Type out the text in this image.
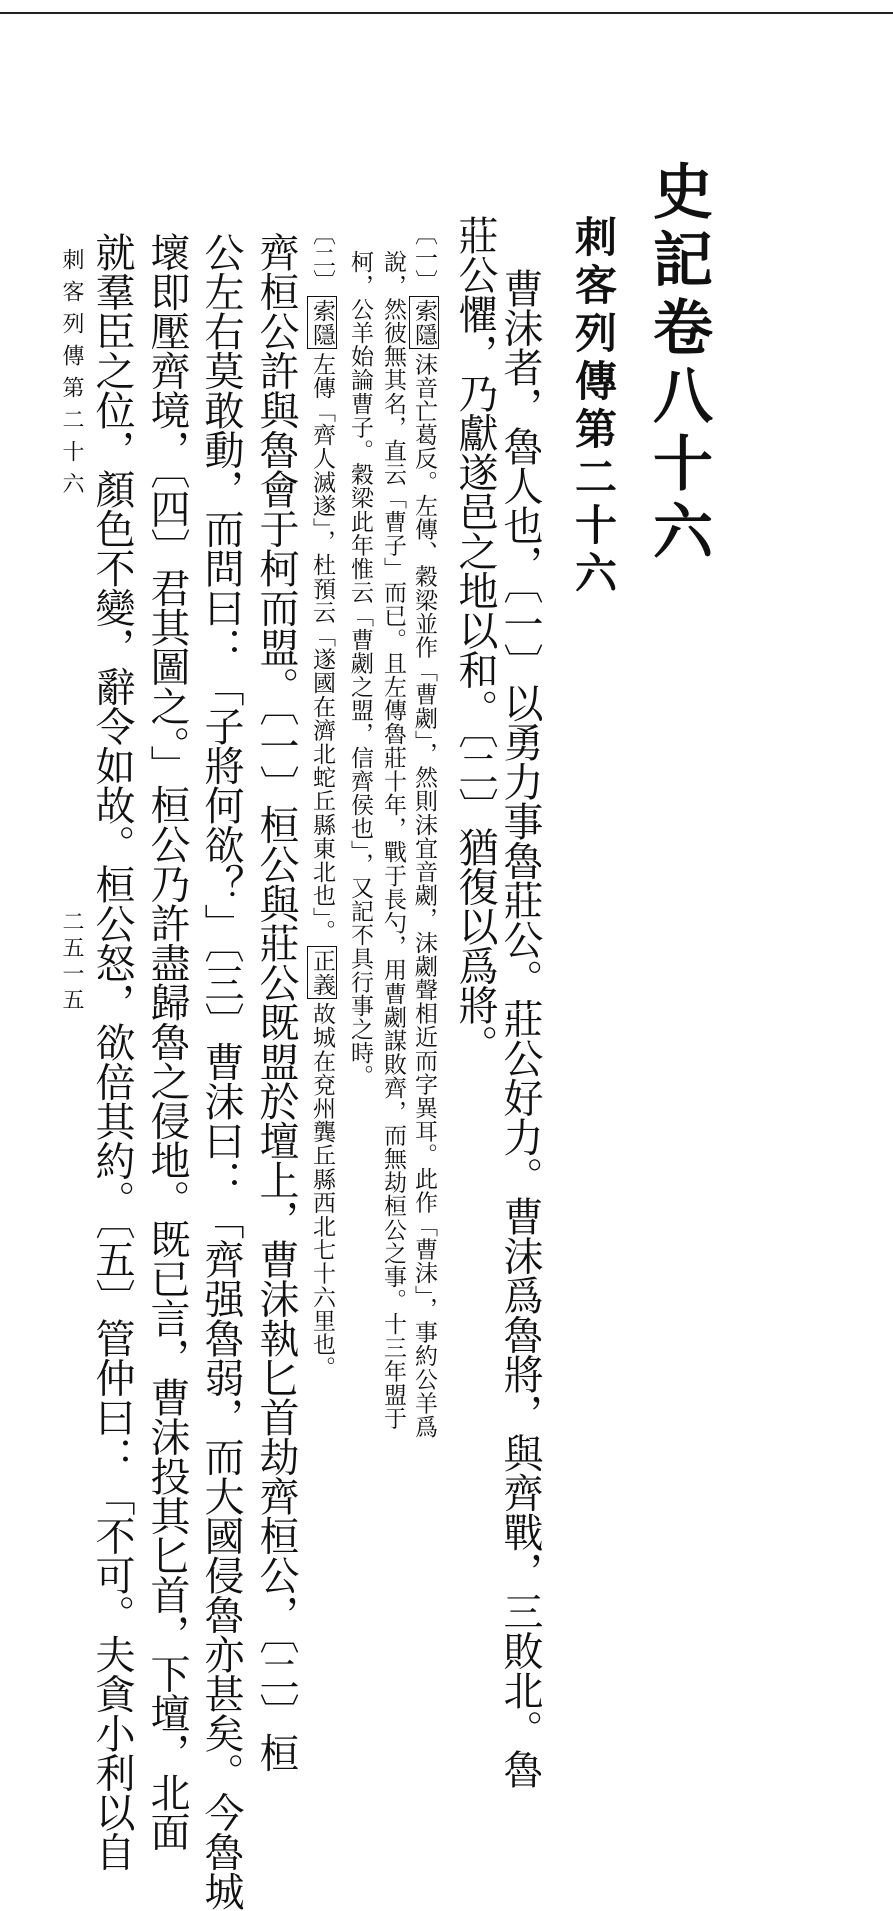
史記卷八十六
刺客列傳第二十六
曹沫者，魯人也，〔一〕以勇力事魯莊公。莊公好力。曹沫爲魯將，與齊戰，三敗北。魯
莊公懼，乃獻遂邑之地以和。〔二〕猶復以爲將。
〔一〕索隱沫音亡葛反。左傳、穀梁並作「曹劌」，然則沫宜音劌，沫劌聲相近而字異耳。此作「曹沫」，事約公羊爲
說，然彼無其名，直云「曹子」而已。且左傳魯莊十年，戰于長勺，用曹劌謀敗齊，而無劫桓公之事。十三年盟于
柯，公羊始論曹子。穀梁此年惟云「曹劌之盟，信齊侯也」，又記不具行事之時。
〔二〕索隱左傳「齊人滅遂」，杜預云「遂國在濟北蛇丘縣東北也」。正義故城在兗州龔丘縣西北七十六里也。
齊桓公許與魯會于柯而盟。〔一〕桓公與莊公既盟於壇上，曹沫執匕首劫齊桓公，〔二〕桓
公左右莫敢動，而問曰：「子將何欲？」〔三〕曹沫曰：「齊强魯弱，而大國侵魯亦甚矣。今魯城
壞即壓齊境，〔四〕君其圖之。」桓公乃許盡歸魯之侵地。既已言，曹沫投其匕首，下壇，北面
就羣臣之位，顏色不變，辭令如故。桓公怒，欲倍其約。〔五〕管仲曰：「不可。夫貪小利以自
刺客列傳第二十六
二五一五
